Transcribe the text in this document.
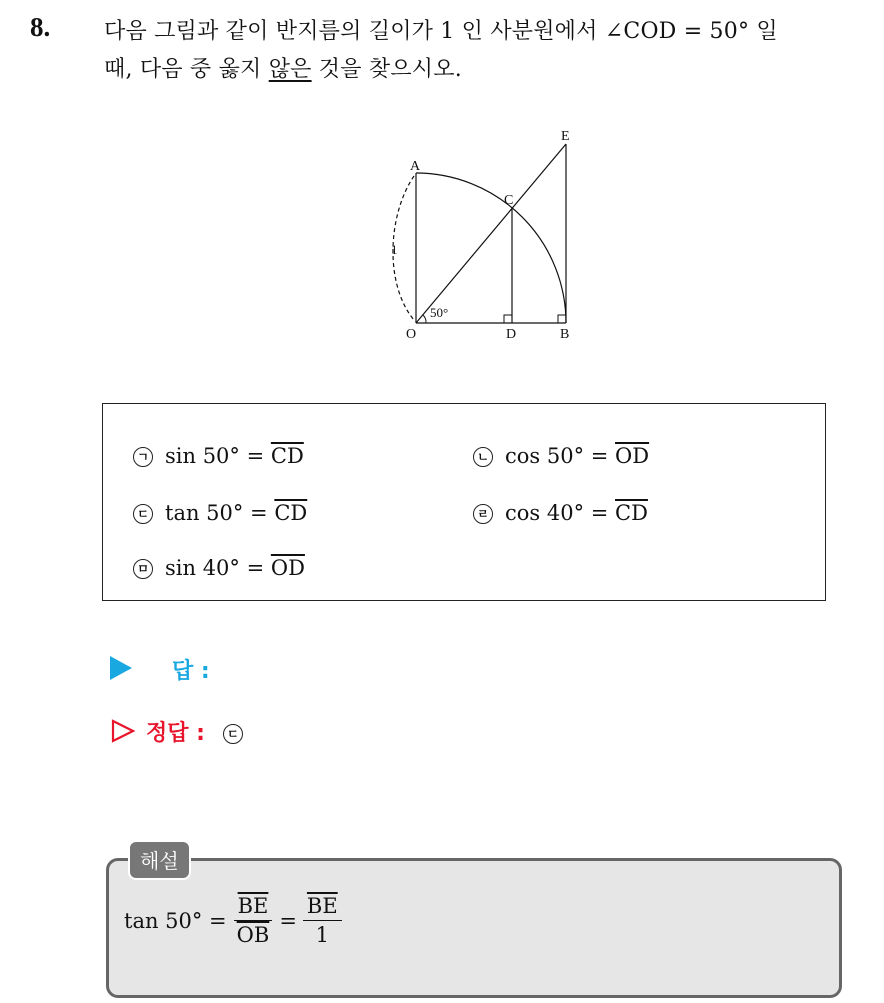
8. 다음 그림과 같이 반지름의 길이가 1 인 사분원에서 ∠COD = 50° 일
때, 다음 중 옳지 않은 것을 찾으시오.
A
E
C
O	D	B
1
50°
ㄱ $\sin 50^\circ = \overline{CD}$	ㄴ $\cos 50^\circ = \overline{OD}$
ㄷ $\tan 50^\circ = \overline{CD}$	ㄹ $\cos 40^\circ = \overline{CD}$
ㅁ $\sin 40^\circ = \overline{OD}$
답 :
정답 : ㄷ
해설
$\tan 50^\circ = \frac{\overline{BE}}{OB} = \frac{\overline{BE}}{1}$
